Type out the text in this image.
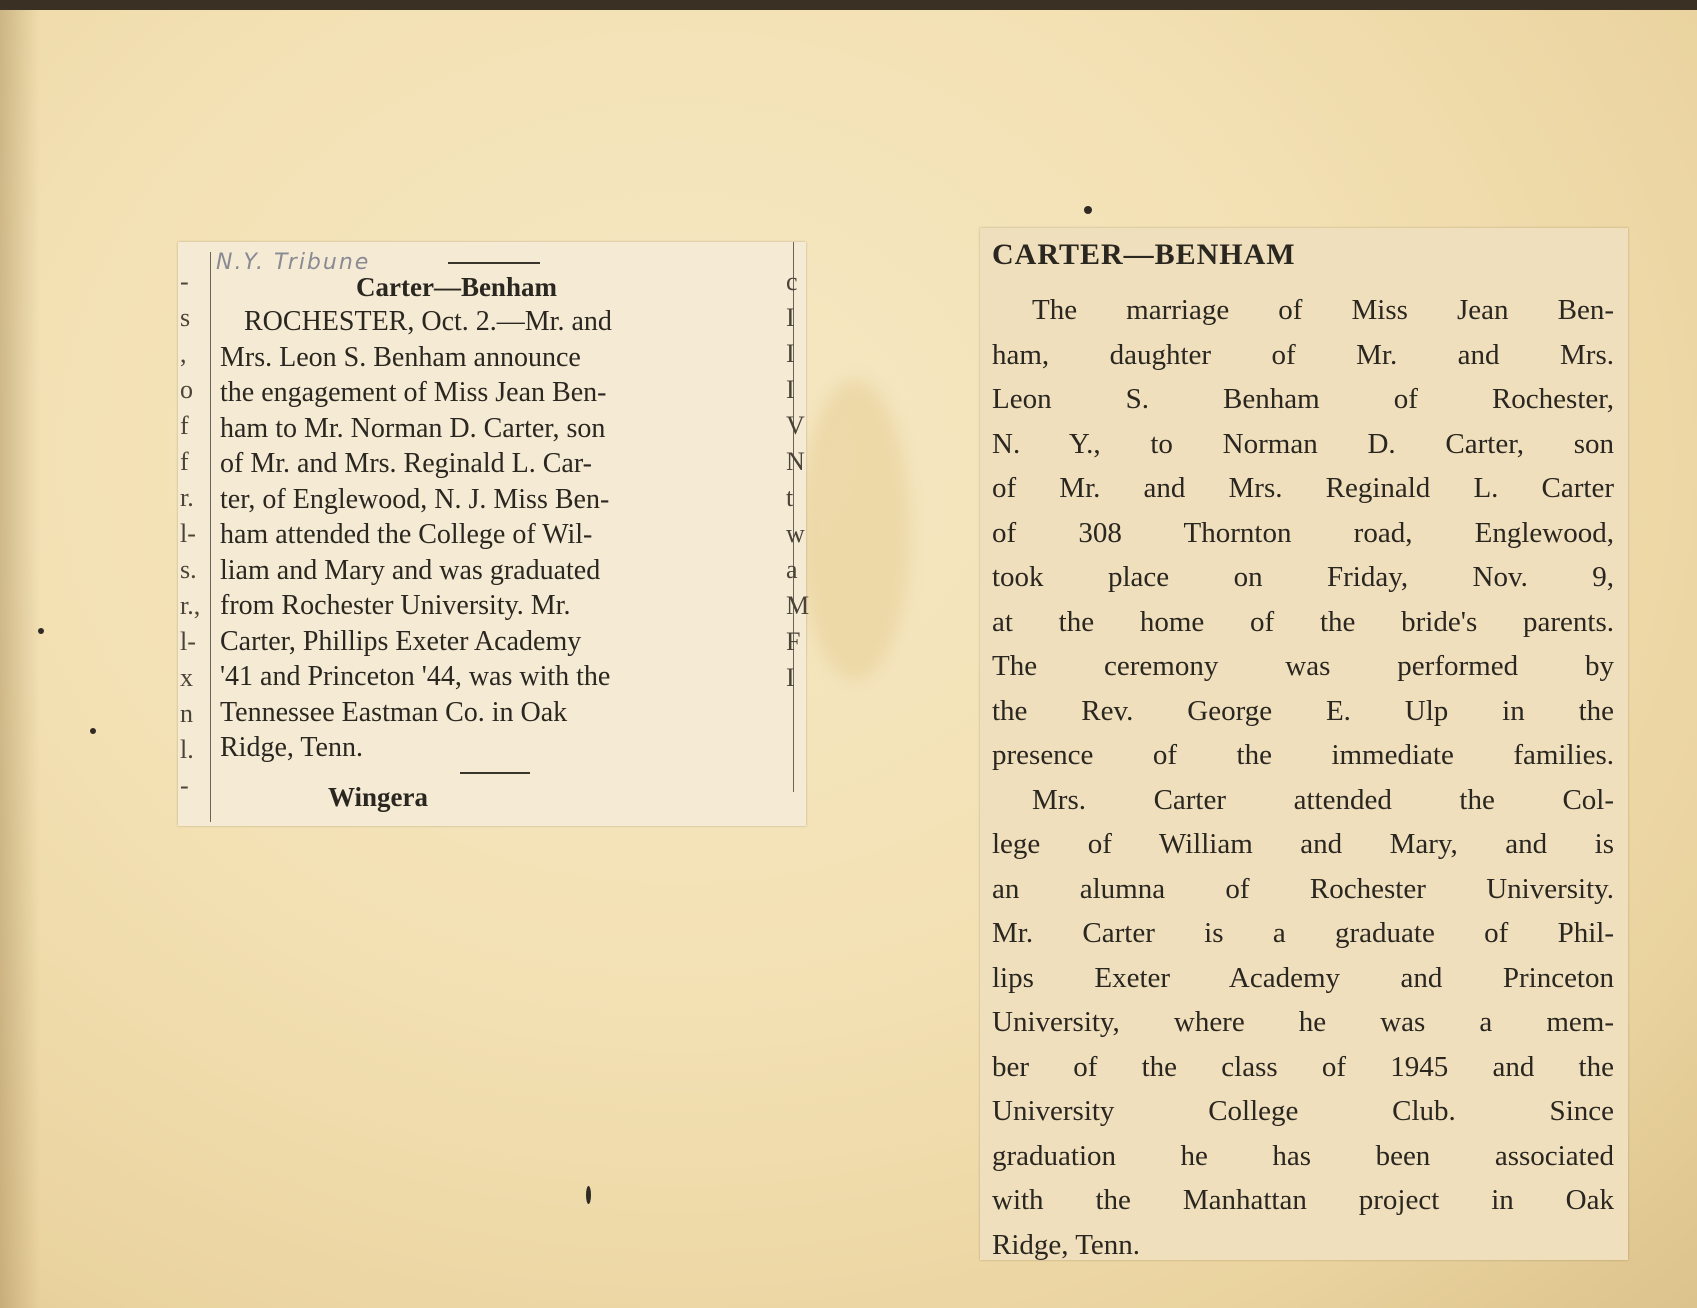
-
s
,
o
f
f
r.
l-
s.
r.,
l-
x
n
l.
-
c
I
I
I
V
N
t
w
a
M
F
I
N.Y. Tribune
Carter—Benham
ROCHESTER, Oct. 2.—Mr. and
Mrs. Leon S. Benham announce
the engagement of Miss Jean Ben-
ham to Mr. Norman D. Carter, son
of Mr. and Mrs. Reginald L. Car-
ter, of Englewood, N. J. Miss Ben-
ham attended the College of Wil-
liam and Mary and was graduated
from Rochester University. Mr.
Carter, Phillips Exeter Academy
'41 and Princeton '44, was with the
Tennessee Eastman Co. in Oak
Ridge, Tenn.
Wingera
CARTER—BENHAM
The marriage of Miss Jean Ben-
ham, daughter of Mr. and Mrs.
Leon S. Benham of Rochester,
N. Y., to Norman D. Carter, son
of Mr. and Mrs. Reginald L. Carter
of 308 Thornton road, Englewood,
took place on Friday, Nov. 9,
at the home of the bride's parents.
The ceremony was performed by
the Rev. George E. Ulp in the
presence of the immediate families.
Mrs. Carter attended the Col-
lege of William and Mary, and is
an alumna of Rochester University.
Mr. Carter is a graduate of Phil-
lips Exeter Academy and Princeton
University, where he was a mem-
ber of the class of 1945 and the
University College Club. Since
graduation he has been associated
with the Manhattan project in Oak
Ridge, Tenn.
